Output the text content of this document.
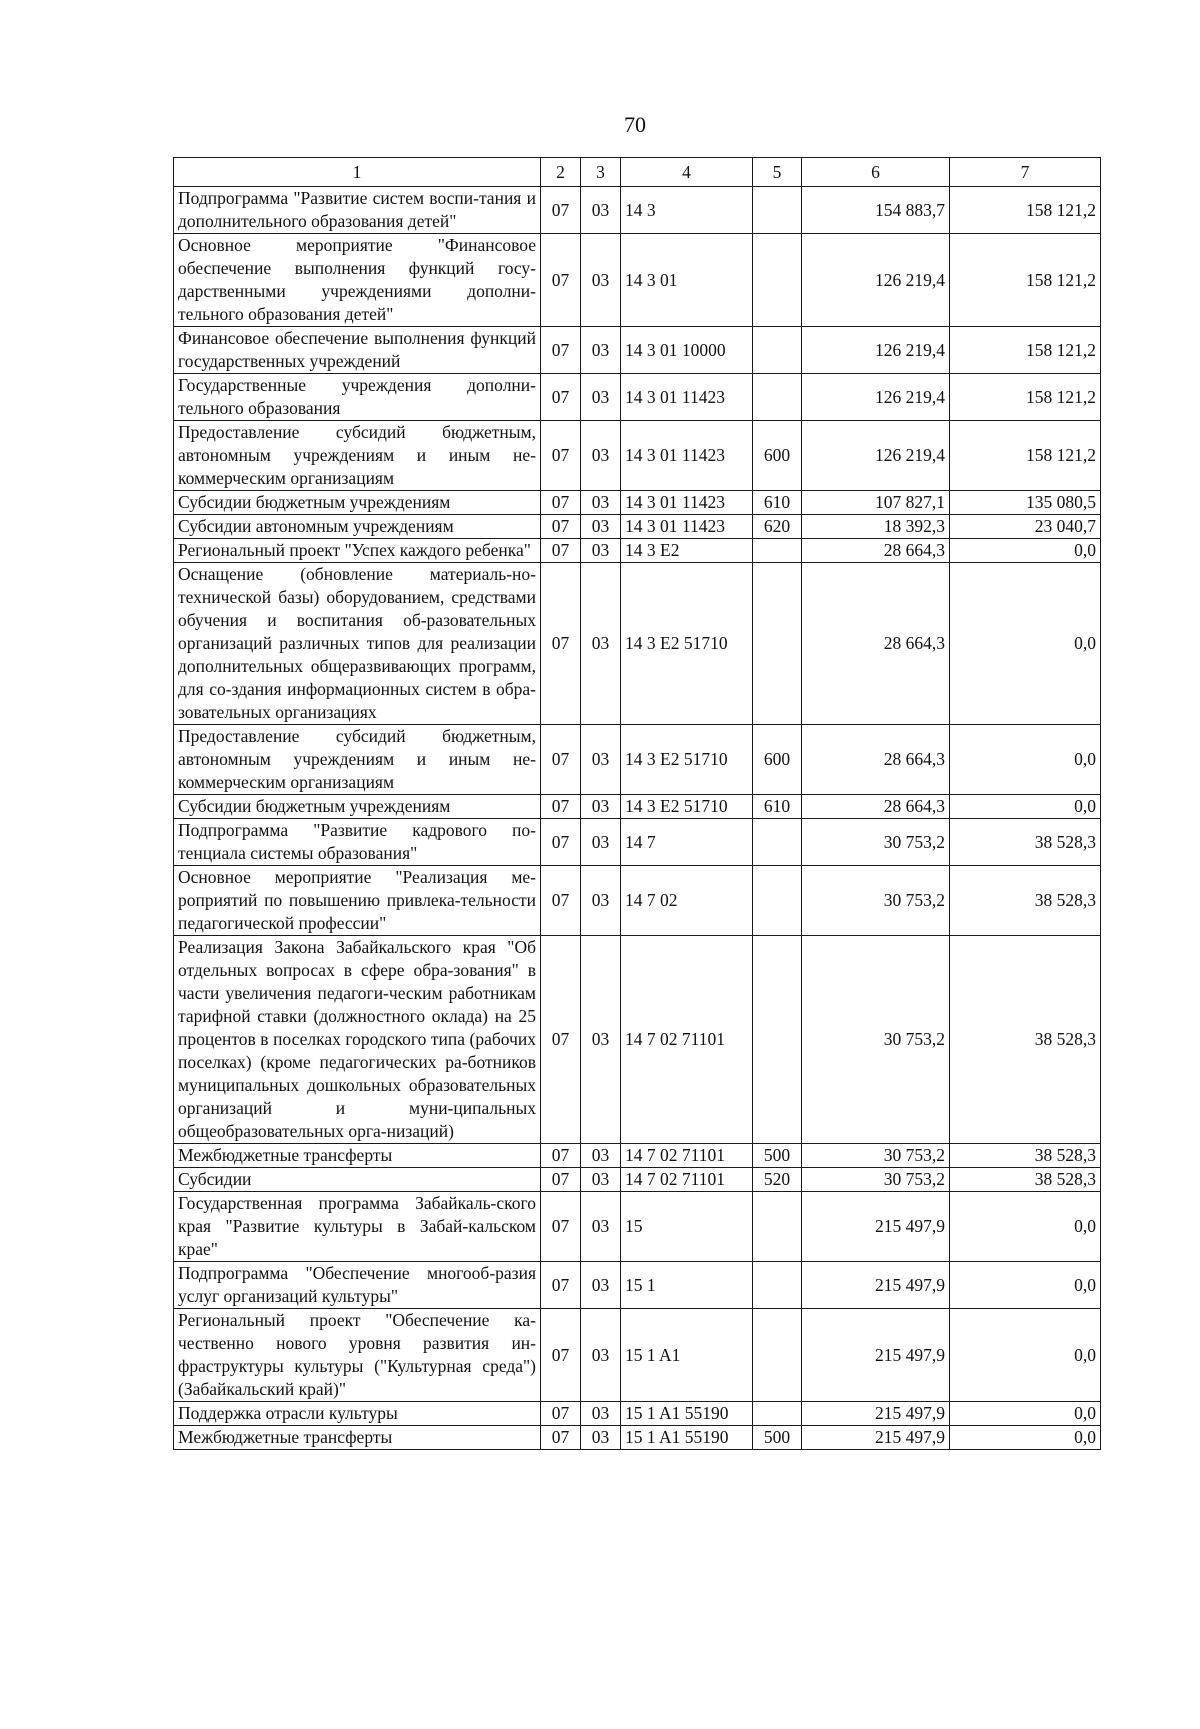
70
1	2	3	4	5	6	7
Подпрограмма "Развитие систем воспи-тания и дополнительного образования детей"	07	03	14 3		154 883,7	158 121,2
Основное мероприятие "Финансовое обеспечение выполнения функций госу-дарственными учреждениями дополни-тельного образования детей"	07	03	14 3 01		126 219,4	158 121,2
Финансовое обеспечение выполнения функций государственных учреждений	07	03	14 3 01 10000		126 219,4	158 121,2
Государственные учреждения дополни-тельного образования	07	03	14 3 01 11423		126 219,4	158 121,2
Предоставление субсидий бюджетным, автономным учреждениям и иным не-коммерческим организациям	07	03	14 3 01 11423	600	126 219,4	158 121,2
Субсидии бюджетным учреждениям	07	03	14 3 01 11423	610	107 827,1	135 080,5
Субсидии автономным учреждениям	07	03	14 3 01 11423	620	18 392,3	23 040,7
Региональный проект "Успех каждого ребенка"	07	03	14 3 E2		28 664,3	0,0
Оснащение (обновление материаль-но-технической базы) оборудованием, средствами обучения и воспитания об-разовательных организаций различных типов для реализации дополнительных общеразвивающих программ, для со-здания информационных систем в обра-зовательных организациях	07	03	14 3 E2 51710		28 664,3	0,0
Предоставление субсидий бюджетным, автономным учреждениям и иным не-коммерческим организациям	07	03	14 3 E2 51710	600	28 664,3	0,0
Субсидии бюджетным учреждениям	07	03	14 3 E2 51710	610	28 664,3	0,0
Подпрограмма "Развитие кадрового по-тенциала системы образования"	07	03	14 7		30 753,2	38 528,3
Основное мероприятие "Реализация ме-роприятий по повышению привлека-тельности педагогической профессии"	07	03	14 7 02		30 753,2	38 528,3
Реализация Закона Забайкальского края "Об отдельных вопросах в сфере обра-зования" в части увеличения педагоги-ческим работникам тарифной ставки (должностного оклада) на 25 процентов в поселках городского типа (рабочих поселках) (кроме педагогических ра-ботников муниципальных дошкольных образовательных организаций и муни-ципальных общеобразовательных орга-низаций)	07	03	14 7 02 71101		30 753,2	38 528,3
Межбюджетные трансферты	07	03	14 7 02 71101	500	30 753,2	38 528,3
Субсидии	07	03	14 7 02 71101	520	30 753,2	38 528,3
Государственная программа Забайкаль-ского края "Развитие культуры в Забай-кальском крае"	07	03	15		215 497,9	0,0
Подпрограмма "Обеспечение многооб-разия услуг организаций культуры"	07	03	15 1		215 497,9	0,0
Региональный проект "Обеспечение ка-чественно нового уровня развития ин-фраструктуры культуры ("Культурная среда") (Забайкальский край)"	07	03	15 1 A1		215 497,9	0,0
Поддержка отрасли культуры	07	03	15 1 A1 55190		215 497,9	0,0
Межбюджетные трансферты	07	03	15 1 A1 55190	500	215 497,9	0,0
